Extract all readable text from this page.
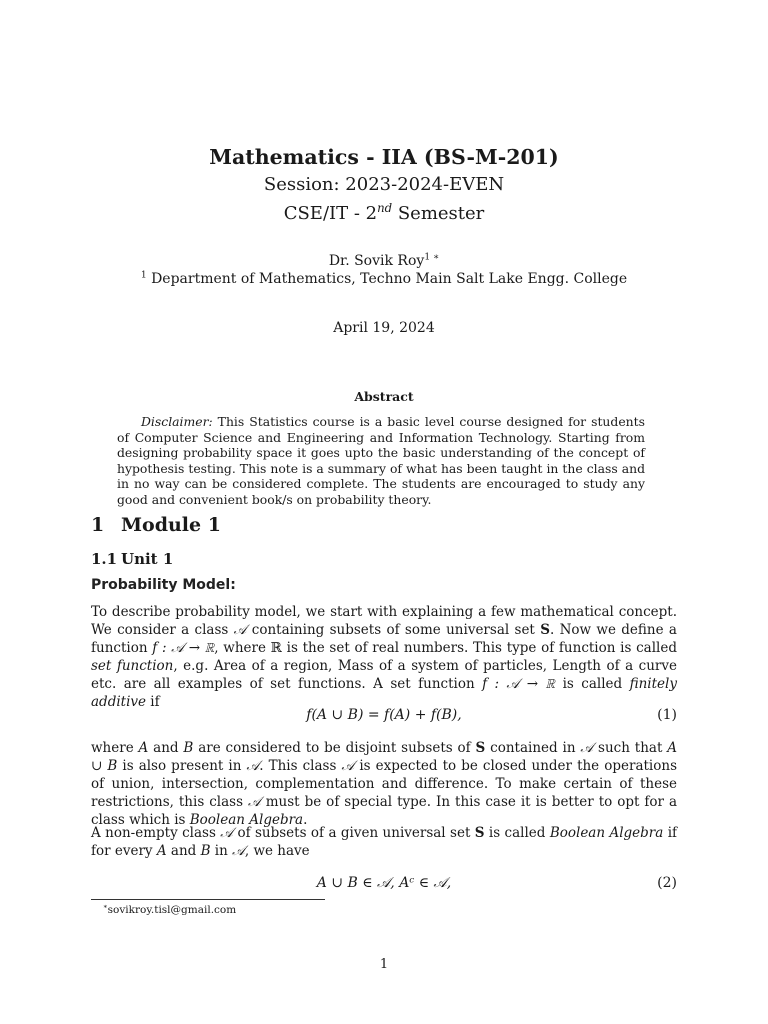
Mathematics - IIA (BS-M-201)
Session: 2023-2024-EVEN
CSE/IT - 2nd Semester
Dr. Sovik Roy$^{1 ∗}$
$^1$ Department of Mathematics, Techno Main Salt Lake Engg. College
April 19, 2024
Abstract
Disclaimer: This Statistics course is a basic level course designed for students of Computer Science and Engineering and Information Technology. Starting from designing probability space it goes upto the basic understanding of the concept of hypothesis testing. This note is a summary of what has been taught in the class and in no way can be considered complete. The students are encouraged to study any good and convenient book/s on probability theory.
1 Module 1
1.1 Unit 1
Probability Model:
To describe probability model, we start with explaining a few mathematical concept. We consider a class 𝒜 containing subsets of some universal set S. Now we define a function f : 𝒜 → ℝ, where ℝ is the set of real numbers. This type of function is called set function, e.g. Area of a region, Mass of a system of particles, Length of a curve etc. are all examples of set functions. A set function f : 𝒜 → ℝ is called finitely additive if
f(A ∪ B) = f(A) + f(B),	(1)
where A and B are considered to be disjoint subsets of S contained in 𝒜 such that A ∪ B is also present in 𝒜. This class 𝒜 is expected to be closed under the operations of union, intersection, complementation and difference. To make certain of these restrictions, this class 𝒜 must be of special type. In this case it is better to opt for a class which is Boolean Algebra.
A non-empty class 𝒜 of subsets of a given universal set S is called Boolean Algebra if for every A and B in 𝒜, we have
A ∪ B ∈ 𝒜, Aᶜ ∈ 𝒜,	(2)
∗sovikroy.tisl@gmail.com
1
